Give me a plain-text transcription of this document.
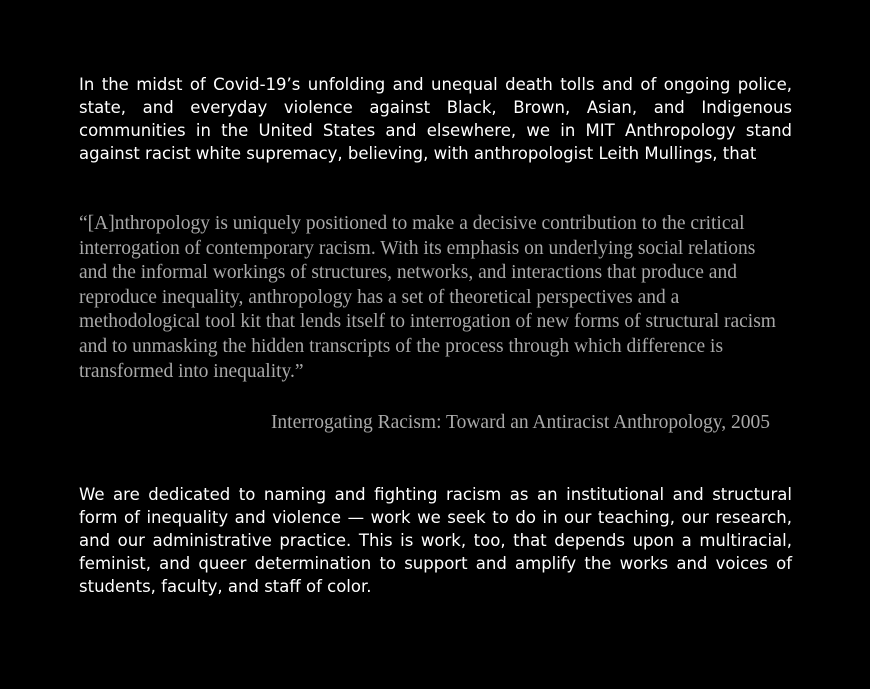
In the midst of Covid-19’s unfolding and unequal death tolls and of ongoing police, state, and everyday violence against Black, Brown, Asian, and Indigenous communities in the United States and elsewhere, we in MIT Anthropology stand against racist white supremacy, believing, with anthropologist Leith Mullings, that

“[A]nthropology is uniquely positioned to make a decisive contribution to the critical interrogation of contemporary racism. With its emphasis on underlying social relations and the informal workings of structures, networks, and interactions that produce and reproduce inequality, anthropology has a set of theoretical perspectives and a methodological tool kit that lends itself to interrogation of new forms of structural racism and to unmasking the hidden transcripts of the process through which difference is transformed into inequality.”
Interrogating Racism: Toward an Antiracist Anthropology, 2005

We are dedicated to naming and fighting racism as an institutional and structural form of inequality and violence — work we seek to do in our teaching, our research, and our administrative practice. This is work, too, that depends upon a multiracial, feminist, and queer determination to support and amplify the works and voices of students, faculty, and staff of color.
